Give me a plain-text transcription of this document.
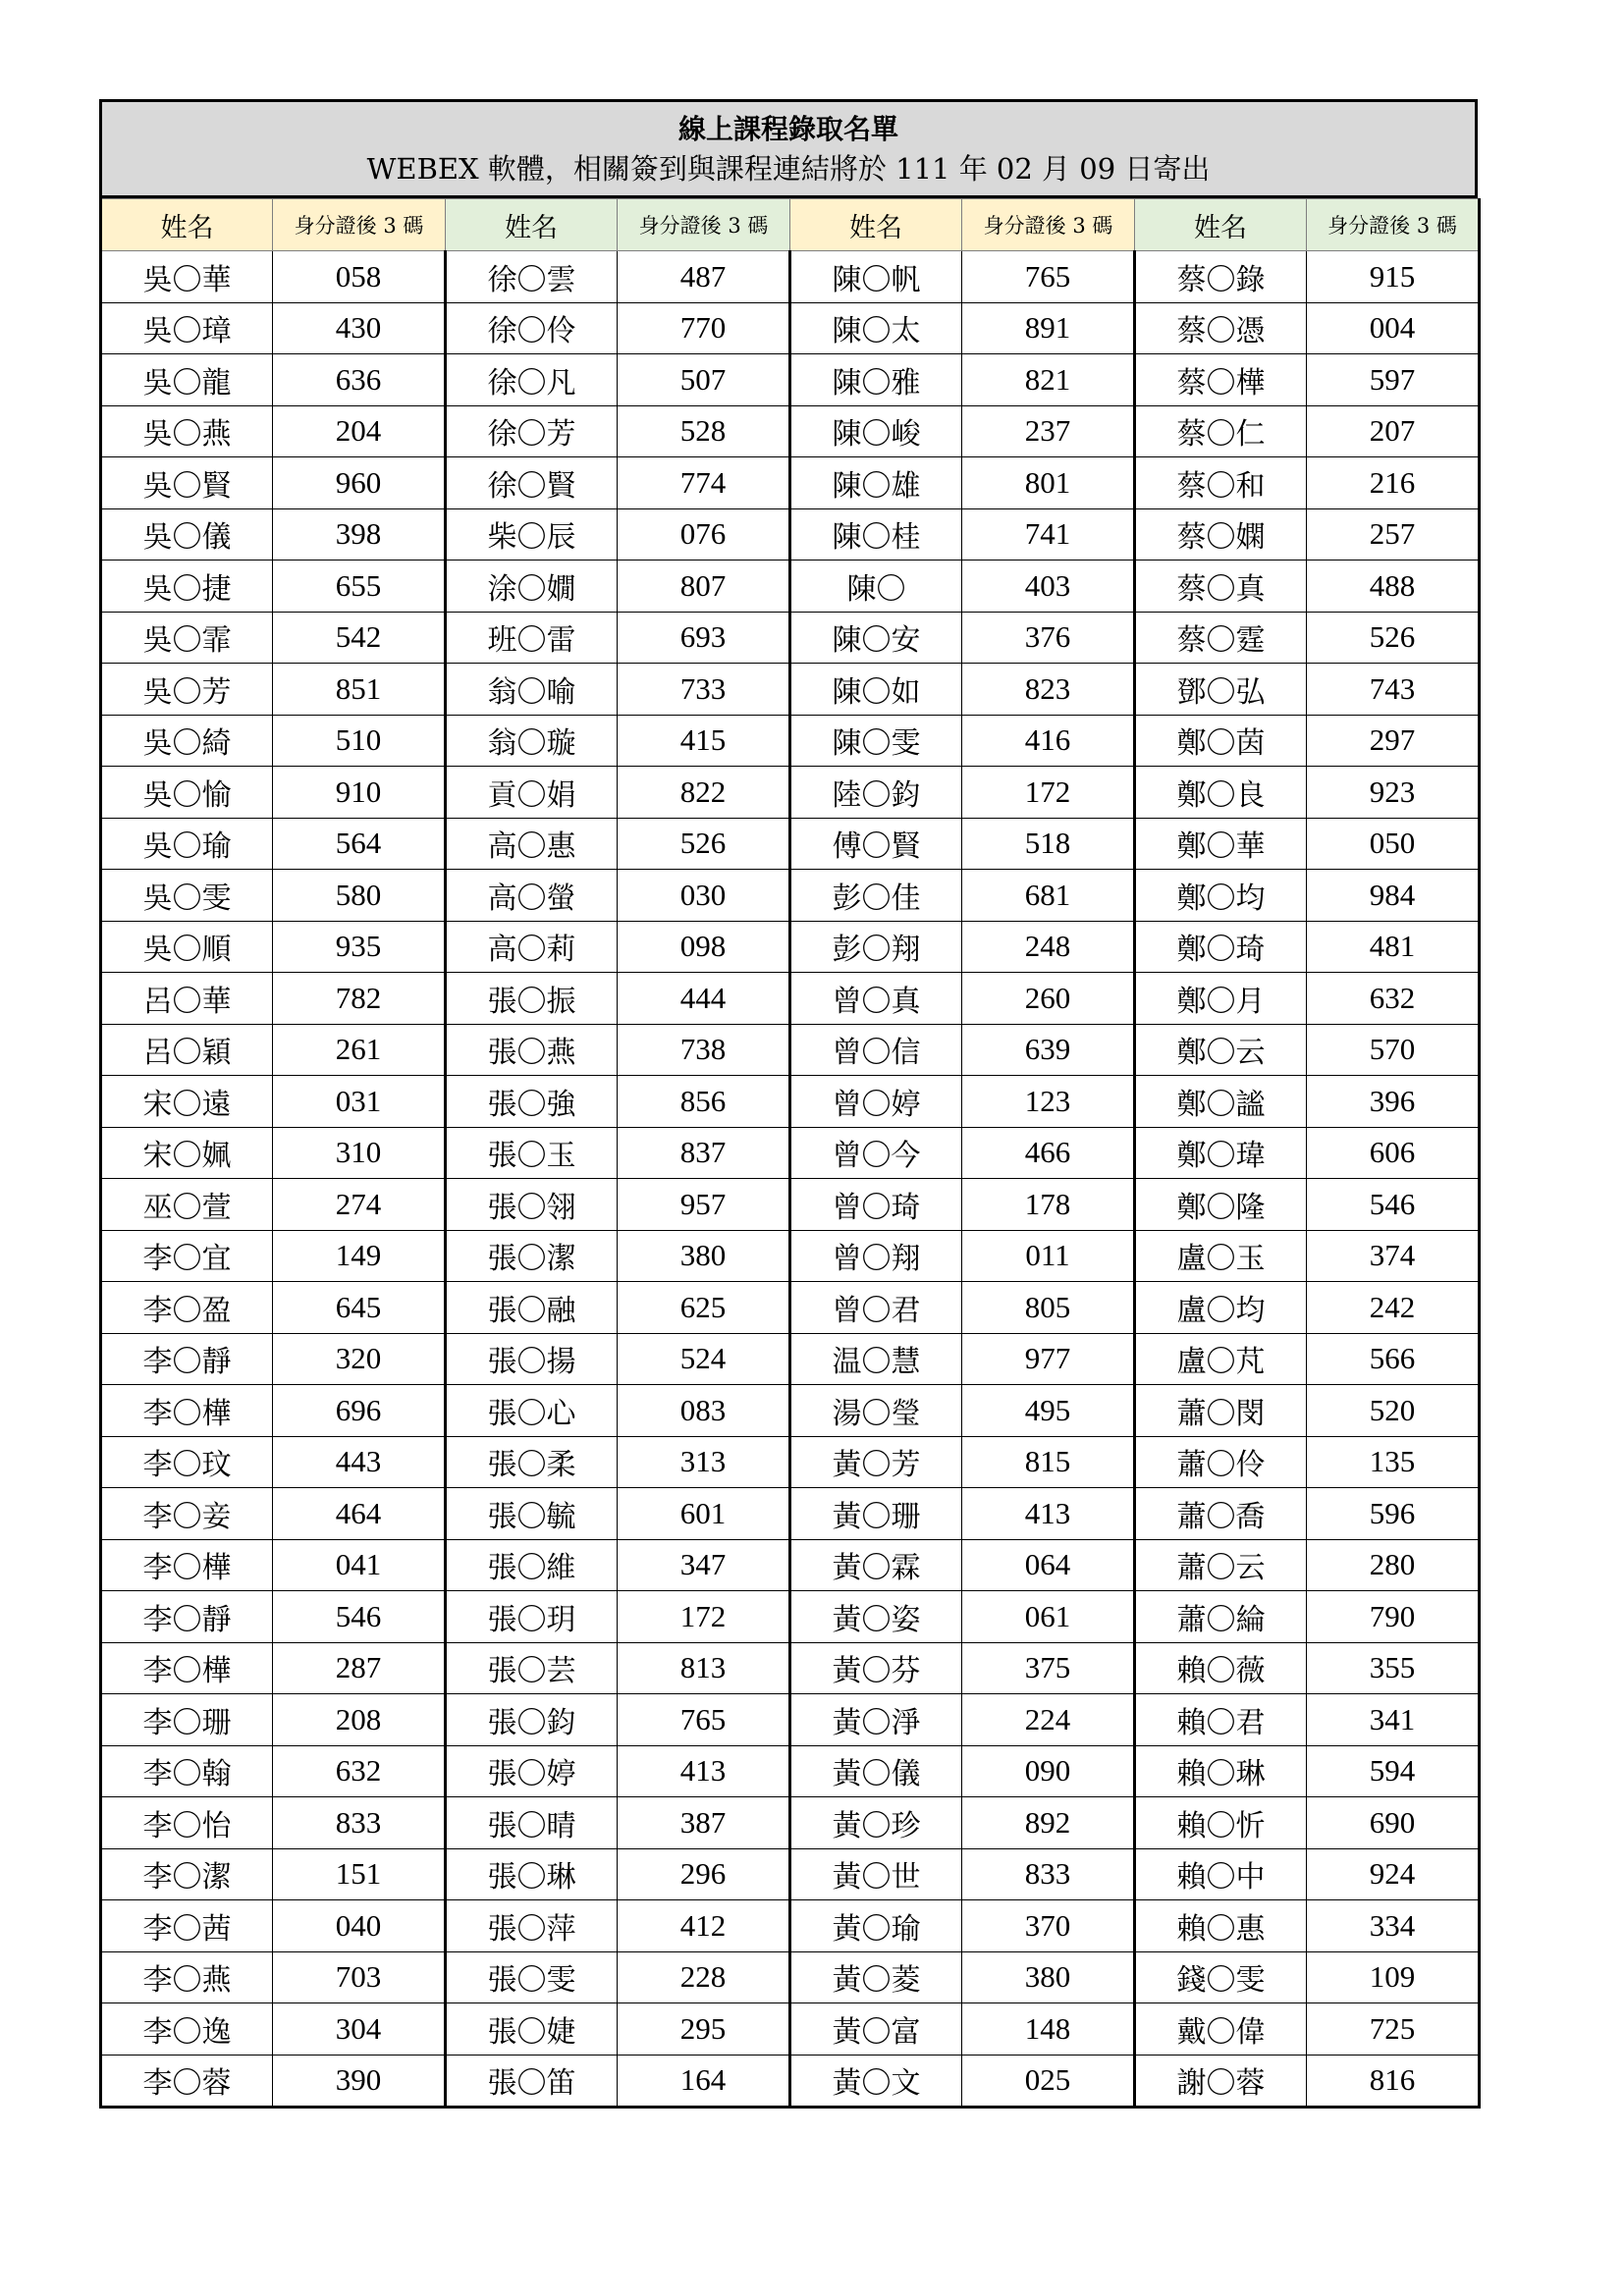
線上課程錄取名單
WEBEX 軟體，相關簽到與課程連結將於 111 年 02 月 09 日寄出
姓名	身分證後 3 碼	姓名	身分證後 3 碼	姓名	身分證後 3 碼	姓名	身分證後 3 碼
吳〇華	058	徐〇雲	487	陳〇帆	765	蔡〇錄	915
吳〇璋	430	徐〇伶	770	陳〇太	891	蔡〇憑	004
吳〇龍	636	徐〇凡	507	陳〇雅	821	蔡〇樺	597
吳〇燕	204	徐〇芳	528	陳〇峻	237	蔡〇仁	207
吳〇賢	960	徐〇賢	774	陳〇雄	801	蔡〇和	216
吳〇儀	398	柴〇辰	076	陳〇桂	741	蔡〇嫻	257
吳〇捷	655	涂〇嫺	807	陳〇	403	蔡〇真	488
吳〇霏	542	班〇雷	693	陳〇安	376	蔡〇霆	526
吳〇芳	851	翁〇喻	733	陳〇如	823	鄧〇弘	743
吳〇綺	510	翁〇璇	415	陳〇雯	416	鄭〇茵	297
吳〇愉	910	貢〇娟	822	陸〇鈞	172	鄭〇良	923
吳〇瑜	564	高〇惠	526	傅〇賢	518	鄭〇華	050
吳〇雯	580	高〇螢	030	彭〇佳	681	鄭〇均	984
吳〇順	935	高〇莉	098	彭〇翔	248	鄭〇琦	481
呂〇華	782	張〇振	444	曾〇真	260	鄭〇月	632
呂〇穎	261	張〇燕	738	曾〇信	639	鄭〇云	570
宋〇遠	031	張〇強	856	曾〇婷	123	鄭〇謐	396
宋〇姵	310	張〇玉	837	曾〇今	466	鄭〇瑋	606
巫〇萱	274	張〇翎	957	曾〇琦	178	鄭〇隆	546
李〇宜	149	張〇潔	380	曾〇翔	011	盧〇玉	374
李〇盈	645	張〇融	625	曾〇君	805	盧〇均	242
李〇靜	320	張〇揚	524	温〇慧	977	盧〇芃	566
李〇樺	696	張〇心	083	湯〇瑩	495	蕭〇閔	520
李〇玟	443	張〇柔	313	黃〇芳	815	蕭〇伶	135
李〇妾	464	張〇毓	601	黃〇珊	413	蕭〇喬	596
李〇樺	041	張〇維	347	黃〇霖	064	蕭〇云	280
李〇靜	546	張〇玥	172	黃〇姿	061	蕭〇綸	790
李〇樺	287	張〇芸	813	黃〇芬	375	賴〇薇	355
李〇珊	208	張〇鈞	765	黃〇淨	224	賴〇君	341
李〇翰	632	張〇婷	413	黃〇儀	090	賴〇琳	594
李〇怡	833	張〇晴	387	黃〇珍	892	賴〇忻	690
李〇潔	151	張〇琳	296	黃〇世	833	賴〇中	924
李〇茜	040	張〇萍	412	黃〇瑜	370	賴〇惠	334
李〇燕	703	張〇雯	228	黃〇菱	380	錢〇雯	109
李〇逸	304	張〇婕	295	黃〇富	148	戴〇偉	725
李〇蓉	390	張〇笛	164	黃〇文	025	謝〇蓉	816
